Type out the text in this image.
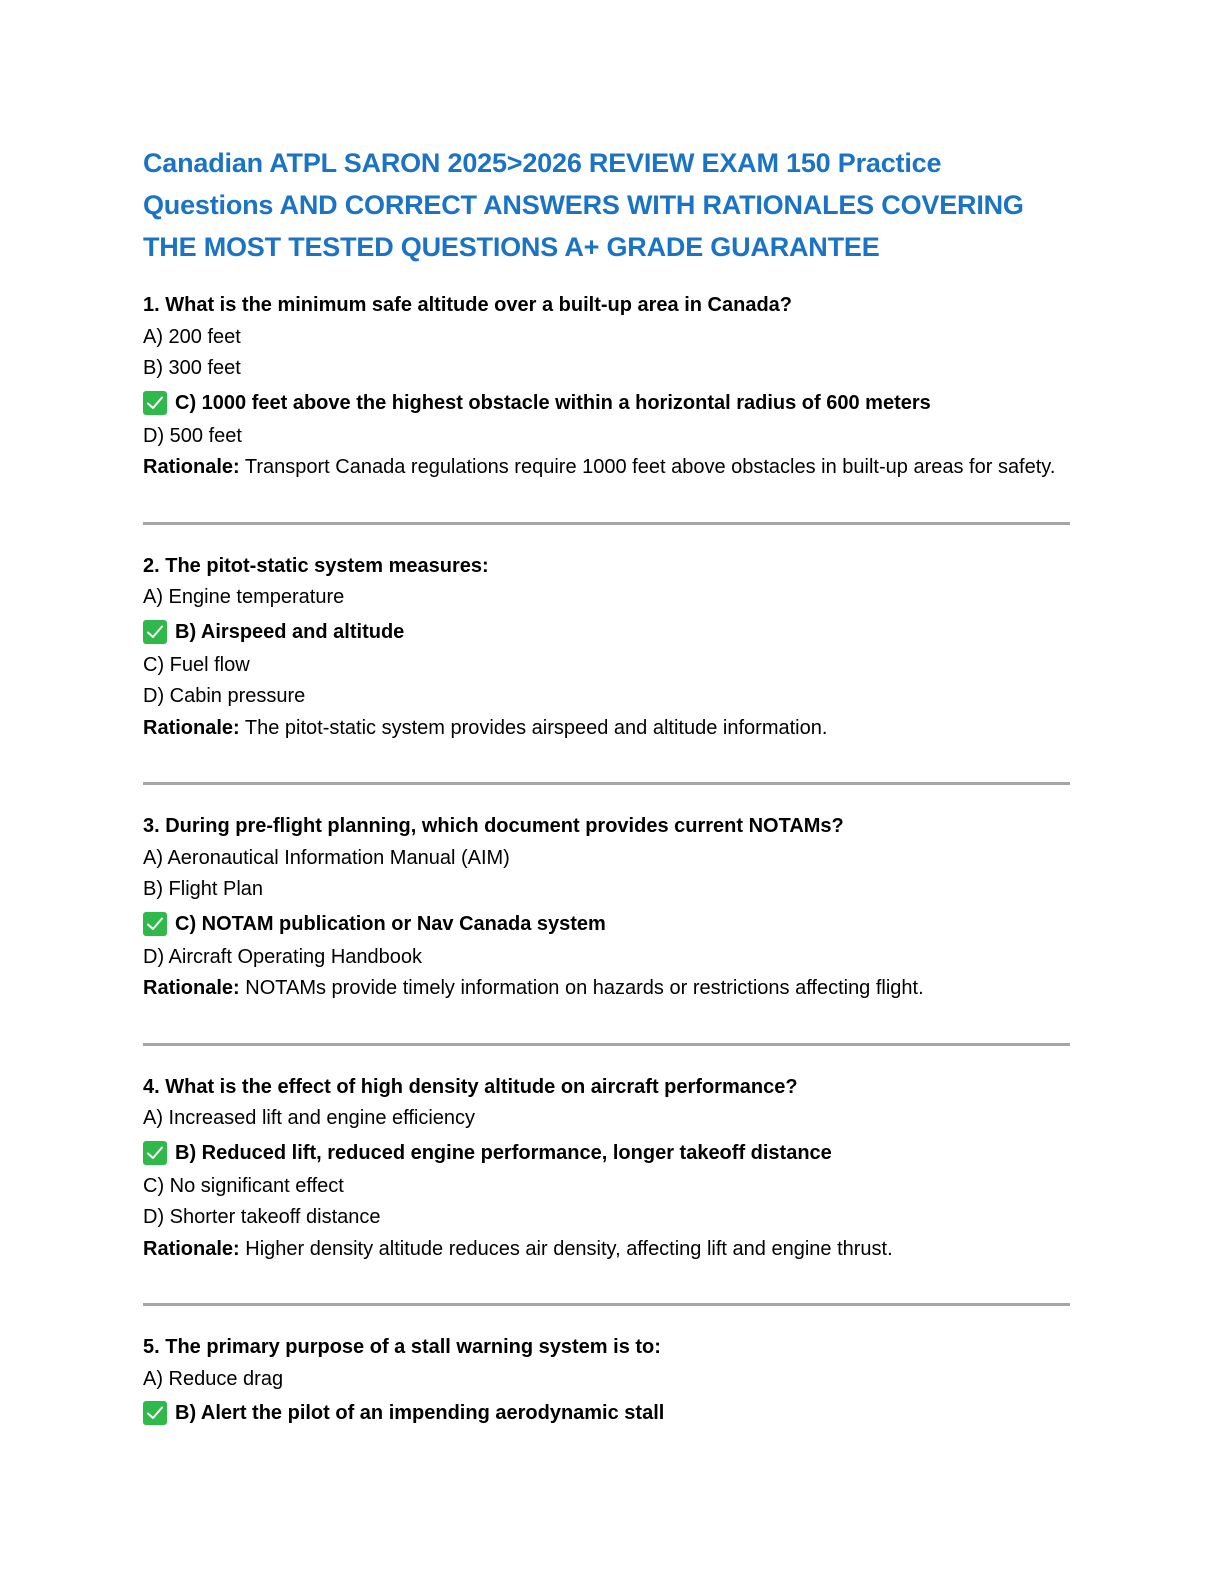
Canadian ATPL SARON 2025>2026 REVIEW EXAM 150 Practice
Questions AND CORRECT ANSWERS WITH RATIONALES COVERING
THE MOST TESTED QUESTIONS A+ GRADE GUARANTEE
1. What is the minimum safe altitude over a built-up area in Canada?
A) 200 feet
B) 300 feet
C) 1000 feet above the highest obstacle within a horizontal radius of 600 meters
D) 500 feet
Rationale: Transport Canada regulations require 1000 feet above obstacles in built-up areas for safety.
2. The pitot-static system measures:
A) Engine temperature
B) Airspeed and altitude
C) Fuel flow
D) Cabin pressure
Rationale: The pitot-static system provides airspeed and altitude information.
3. During pre-flight planning, which document provides current NOTAMs?
A) Aeronautical Information Manual (AIM)
B) Flight Plan
C) NOTAM publication or Nav Canada system
D) Aircraft Operating Handbook
Rationale: NOTAMs provide timely information on hazards or restrictions affecting flight.
4. What is the effect of high density altitude on aircraft performance?
A) Increased lift and engine efficiency
B) Reduced lift, reduced engine performance, longer takeoff distance
C) No significant effect
D) Shorter takeoff distance
Rationale: Higher density altitude reduces air density, affecting lift and engine thrust.
5. The primary purpose of a stall warning system is to:
A) Reduce drag
B) Alert the pilot of an impending aerodynamic stall
